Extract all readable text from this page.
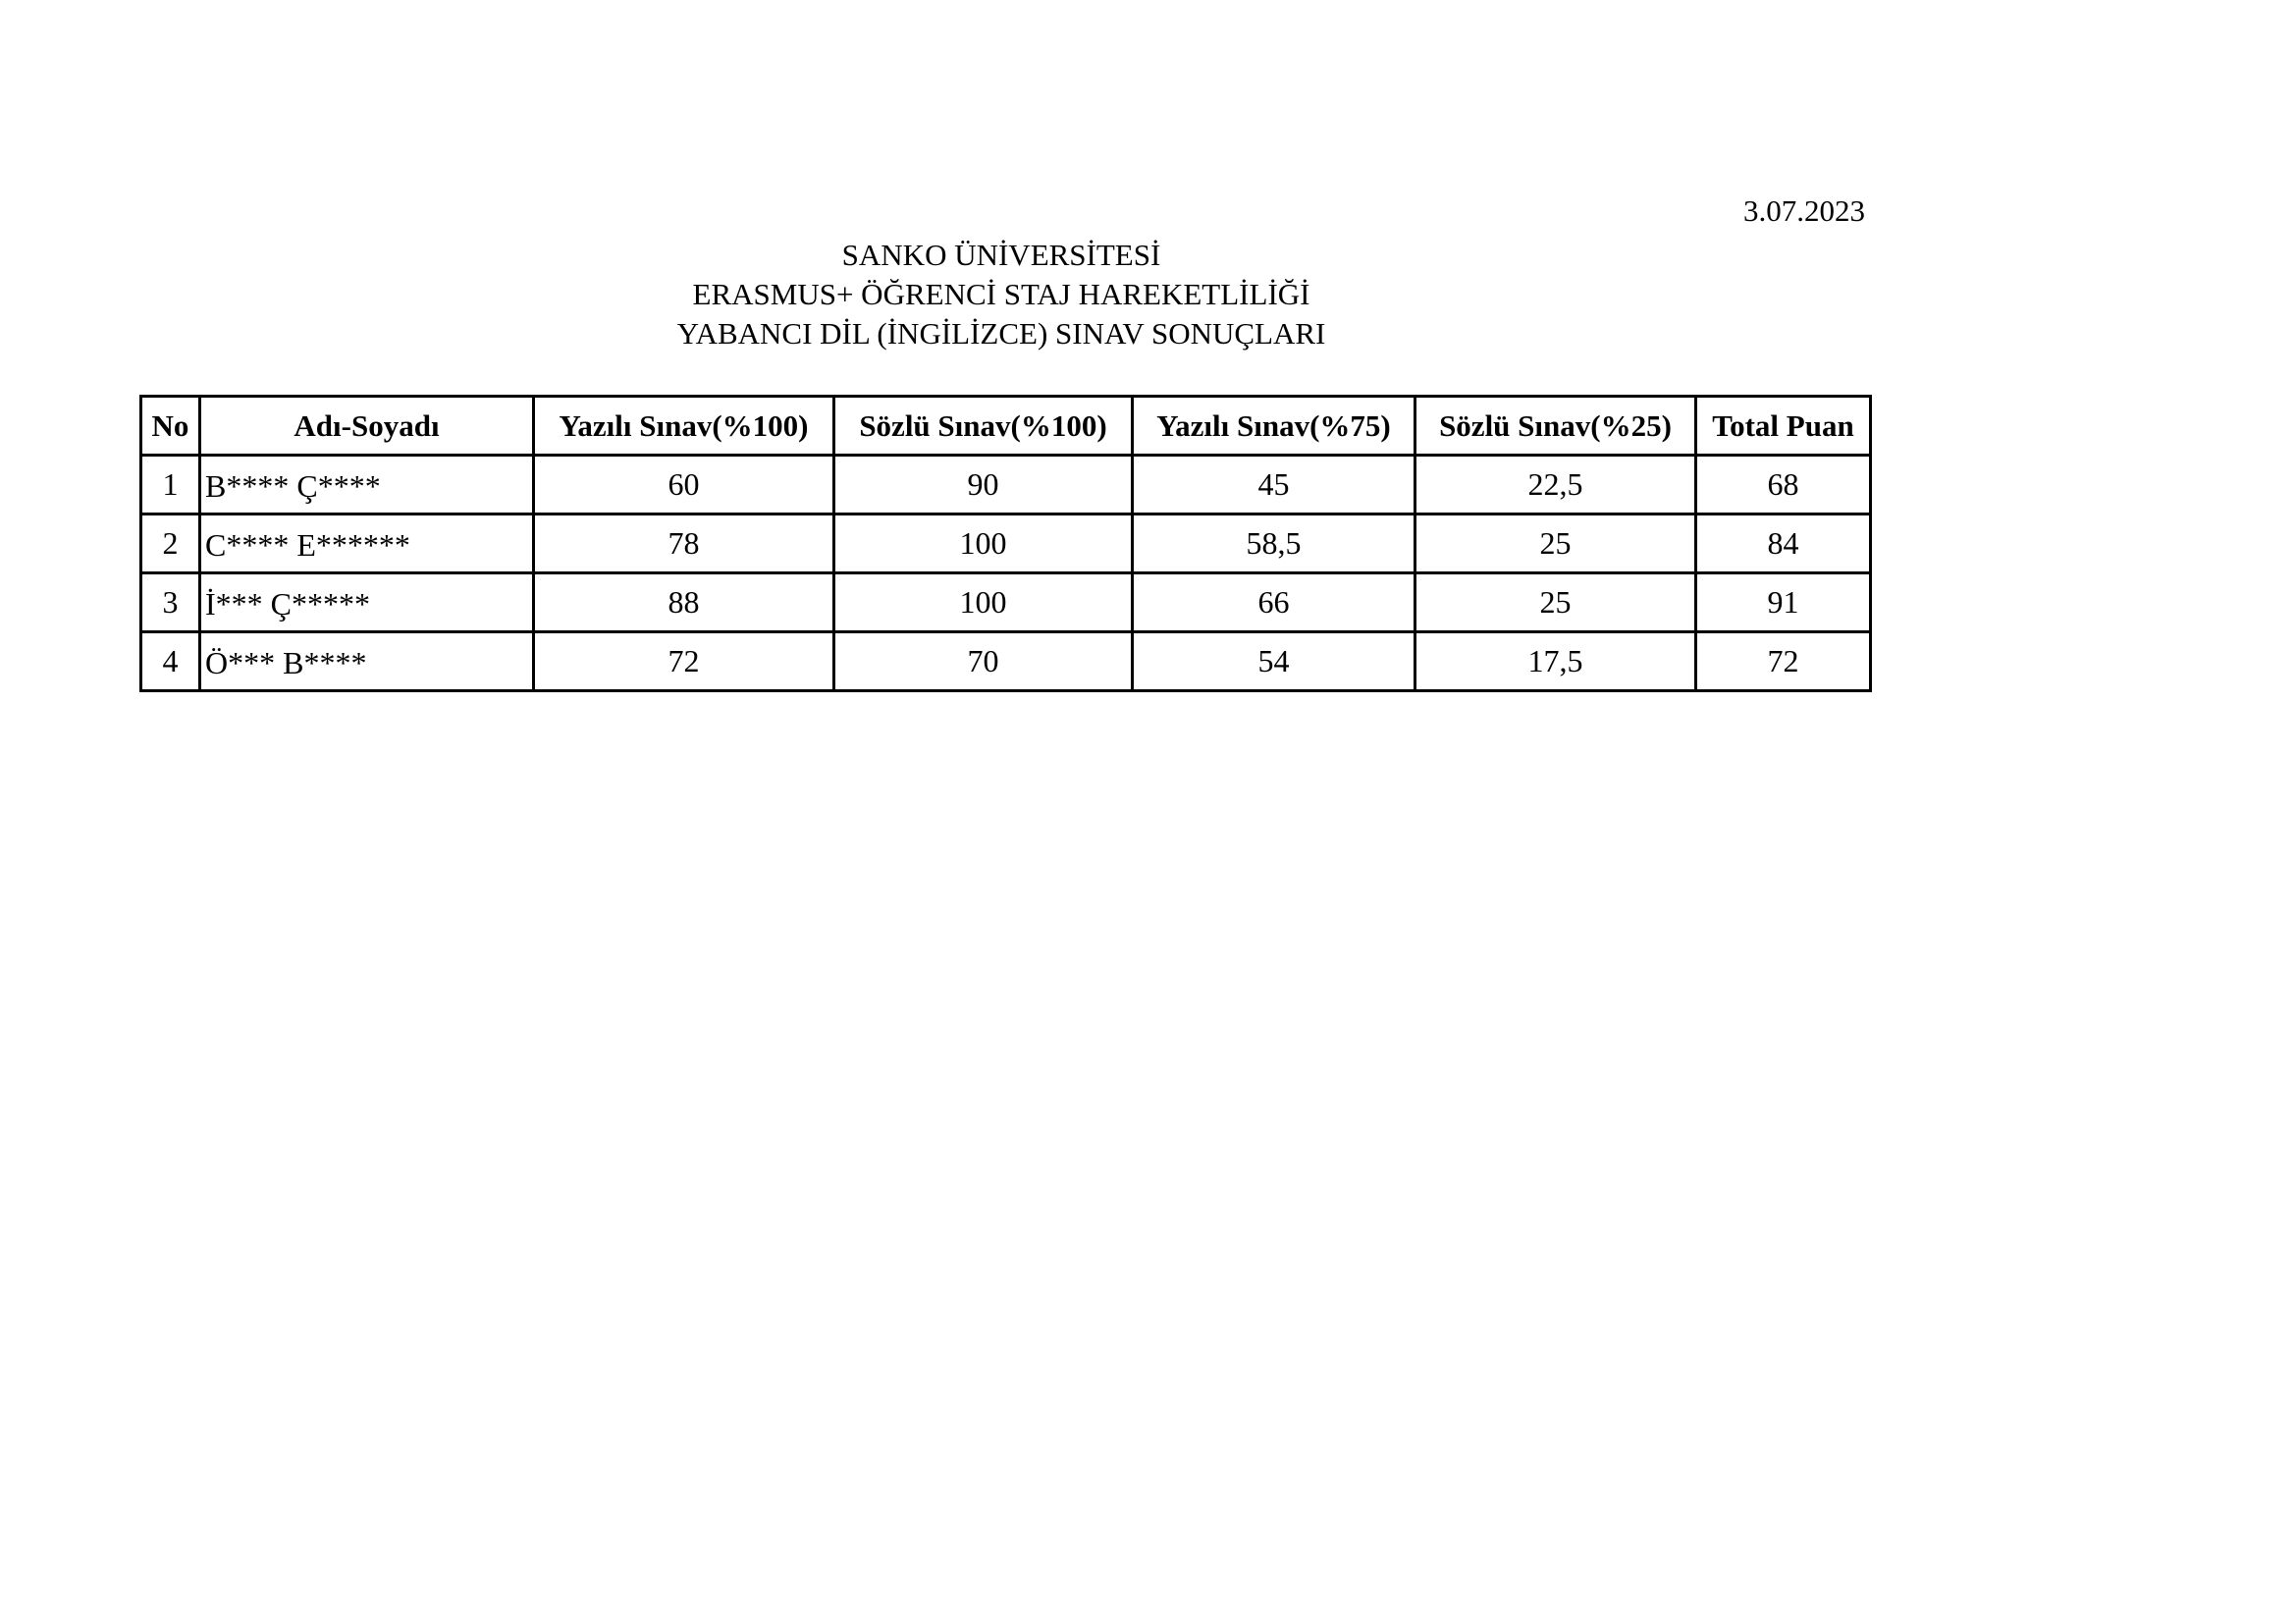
3.07.2023
SANKO ÜNİVERSİTESİ
ERASMUS+ ÖĞRENCİ STAJ HAREKETLİLİĞİ
YABANCI DİL (İNGİLİZCE) SINAV SONUÇLARI
No	Adı-Soyadı	Yazılı Sınav(%100)	Sözlü Sınav(%100)	Yazılı Sınav(%75)	Sözlü Sınav(%25)	Total Puan
1	B**** Ç****	60	90	45	22,5	68
2	C**** E******	78	100	58,5	25	84
3	İ*** Ç*****	88	100	66	25	91
4	Ö*** B****	72	70	54	17,5	72
